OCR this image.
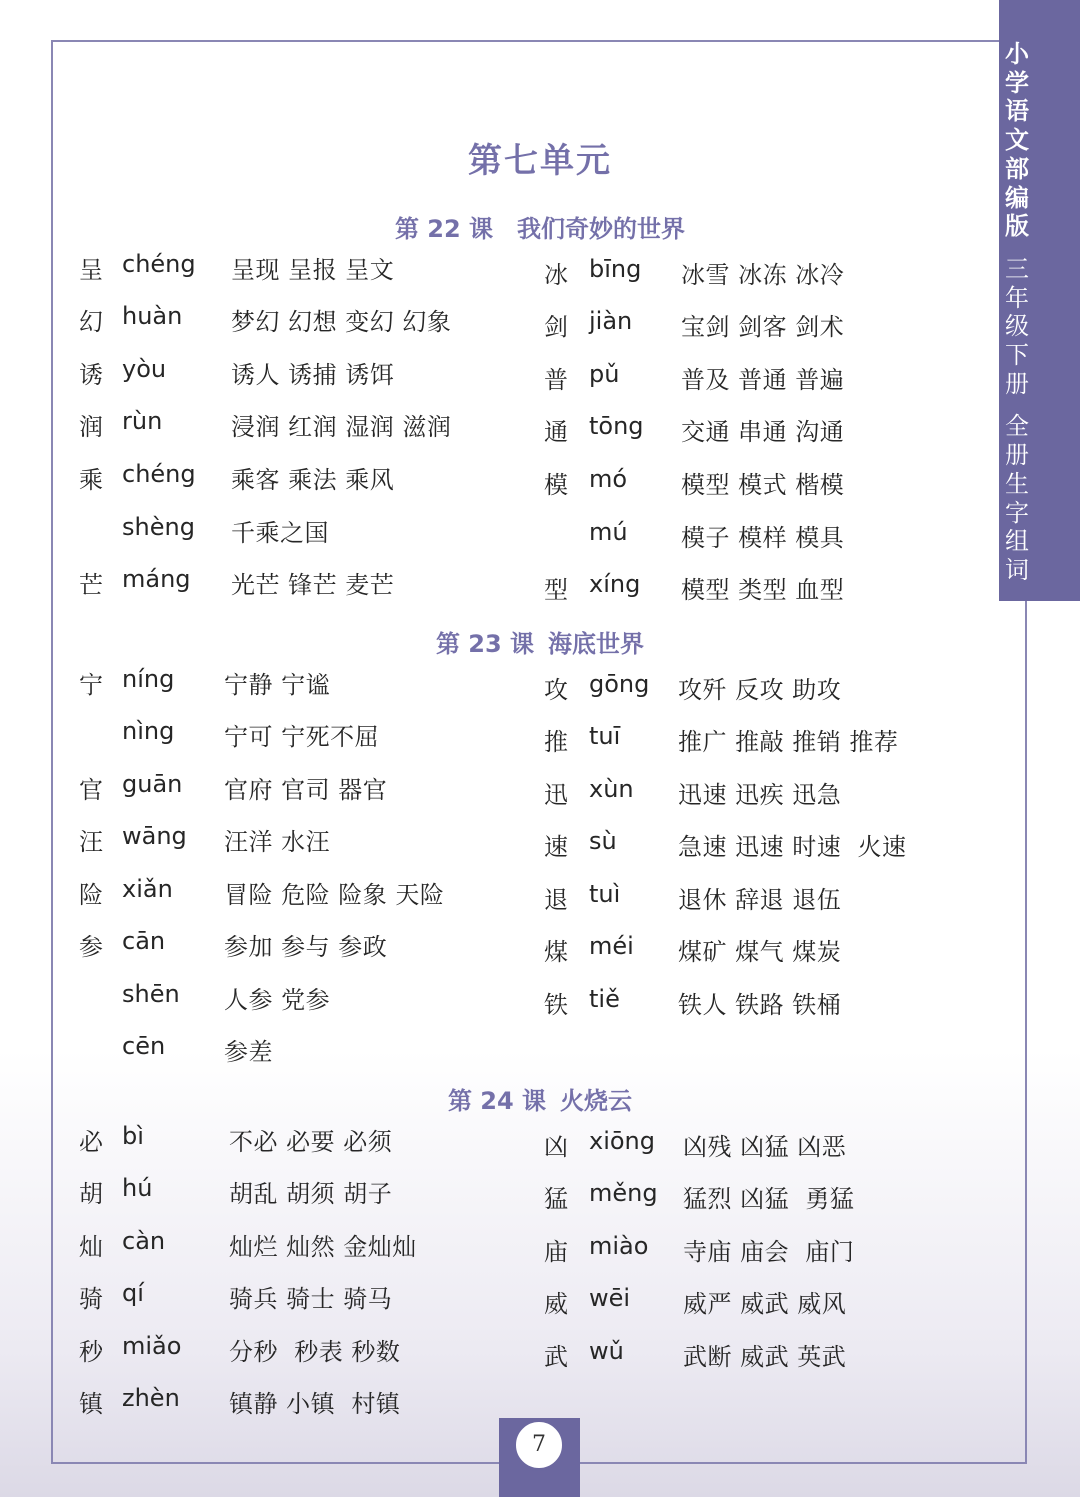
小
学
语
文
部
编
版
三
年
级
下
册
全
册
生
字
组
词
第七单元
第 22 课 我们奇妙的世界
第 23 课 海底世界
第 24 课 火烧云
呈 chéng 呈现 呈报 呈文
幻 huàn 梦幻 幻想 变幻 幻象
诱 yòu	诱人 诱捕 诱饵
润 rùn	浸润 红润 湿润 滋润
乘 chéng 乘客 乘法 乘风
shèng 千乘之国
芒 máng 光芒 锋芒 麦芒
冰 bīng 冰雪 冰冻 冰冷
剑 jiàn 宝剑 剑客 剑术
普 pǔ	普及 普通 普遍
通 tōng 交通 串通 沟通
模 mó 模型 模式 楷模
mú 模子 模样 模具
型 xíng 模型 类型 血型
宁 níng 宁静 宁谧
nìng 宁可 宁死不屈
官 guān 官府 官司 器官
汪 wāng 汪洋 水汪
险 xiǎn 冒险 危险 险象 天险
参 cān 参加 参与 参政
shēn 人参 党参
cēn 参差
攻 gōng 攻歼 反攻 助攻
推 tuī 推广 推敲 推销 推荐
迅 xùn 迅速 迅疾 迅急
速 sù	急速 迅速 时速  火速
退 tuì 退休 辞退 退伍
煤 méi 煤矿 煤气 煤炭
铁 tiě 铁人 铁路 铁桶
必 bì	不必 必要 必须
胡 hú	胡乱 胡须 胡子
灿 càn	灿烂 灿然 金灿灿
骑 qí	骑兵 骑士 骑马
秒 miǎo 分秒  秒表 秒数
镇 zhèn 镇静 小镇  村镇
凶 xiōng 凶残 凶猛 凶恶
猛 měng 猛烈 凶猛  勇猛
庙 miào 寺庙 庙会  庙门
威 wēi 威严 威武 威风
武 wǔ 武断 威武 英武
7
